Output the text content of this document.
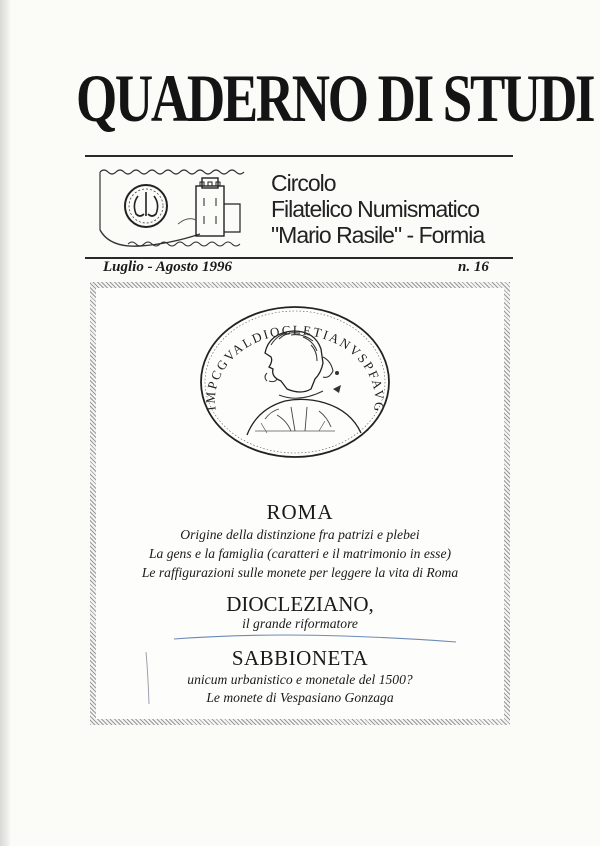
QUADERNO DI STUDI
Circolo
Filatelico Numismatico
"Mario Rasile" - Formia
Luglio - Agosto 1996	n. 16
IMPCGVALDIOCLETIANVSPFAVG
ROMA
Origine della distinzione fra patrizi e plebei
La gens e la famiglia (caratteri e il matrimonio in esse)
Le raffigurazioni sulle monete per leggere la vita di Roma
DIOCLEZIANO,
il grande riformatore
SABBIONETA
unicum urbanistico e monetale del 1500?
Le monete di Vespasiano Gonzaga
